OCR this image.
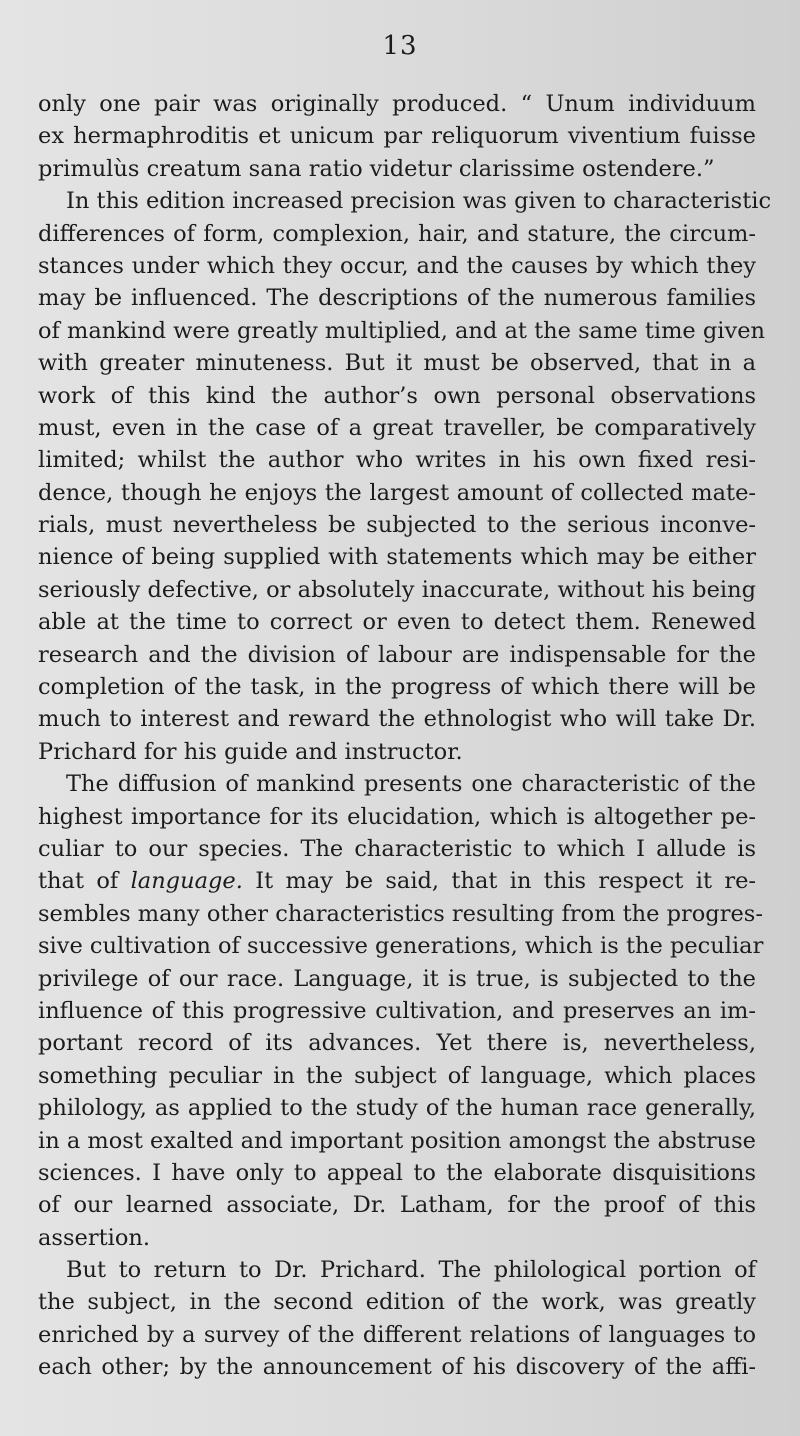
13
only one pair was originally produced. “ Unum individuum
ex hermaphroditis et unicum par reliquorum viventium fuisse
primulùs creatum sana ratio videtur clarissime ostendere.”
In this edition increased precision was given to characteristic
differences of form, complexion, hair, and stature, the circum-
stances under which they occur, and the causes by which they
may be influenced. The descriptions of the numerous families
of mankind were greatly multiplied, and at the same time given
with greater minuteness. But it must be observed, that in a
work of this kind the author’s own personal observations
must, even in the case of a great traveller, be comparatively
limited; whilst the author who writes in his own fixed resi-
dence, though he enjoys the largest amount of collected mate-
rials, must nevertheless be subjected to the serious inconve-
nience of being supplied with statements which may be either
seriously defective, or absolutely inaccurate, without his being
able at the time to correct or even to detect them. Renewed
research and the division of labour are indispensable for the
completion of the task, in the progress of which there will be
much to interest and reward the ethnologist who will take Dr.
Prichard for his guide and instructor.
The diffusion of mankind presents one characteristic of the
highest importance for its elucidation, which is altogether pe-
culiar to our species. The characteristic to which I allude is
that of language. It may be said, that in this respect it re-
sembles many other characteristics resulting from the progres-
sive cultivation of successive generations, which is the peculiar
privilege of our race. Language, it is true, is subjected to the
influence of this progressive cultivation, and preserves an im-
portant record of its advances. Yet there is, nevertheless,
something peculiar in the subject of language, which places
philology, as applied to the study of the human race generally,
in a most exalted and important position amongst the abstruse
sciences. I have only to appeal to the elaborate disquisitions
of our learned associate, Dr. Latham, for the proof of this
assertion.
But to return to Dr. Prichard. The philological portion of
the subject, in the second edition of the work, was greatly
enriched by a survey of the different relations of languages to
each other; by the announcement of his discovery of the affi-
